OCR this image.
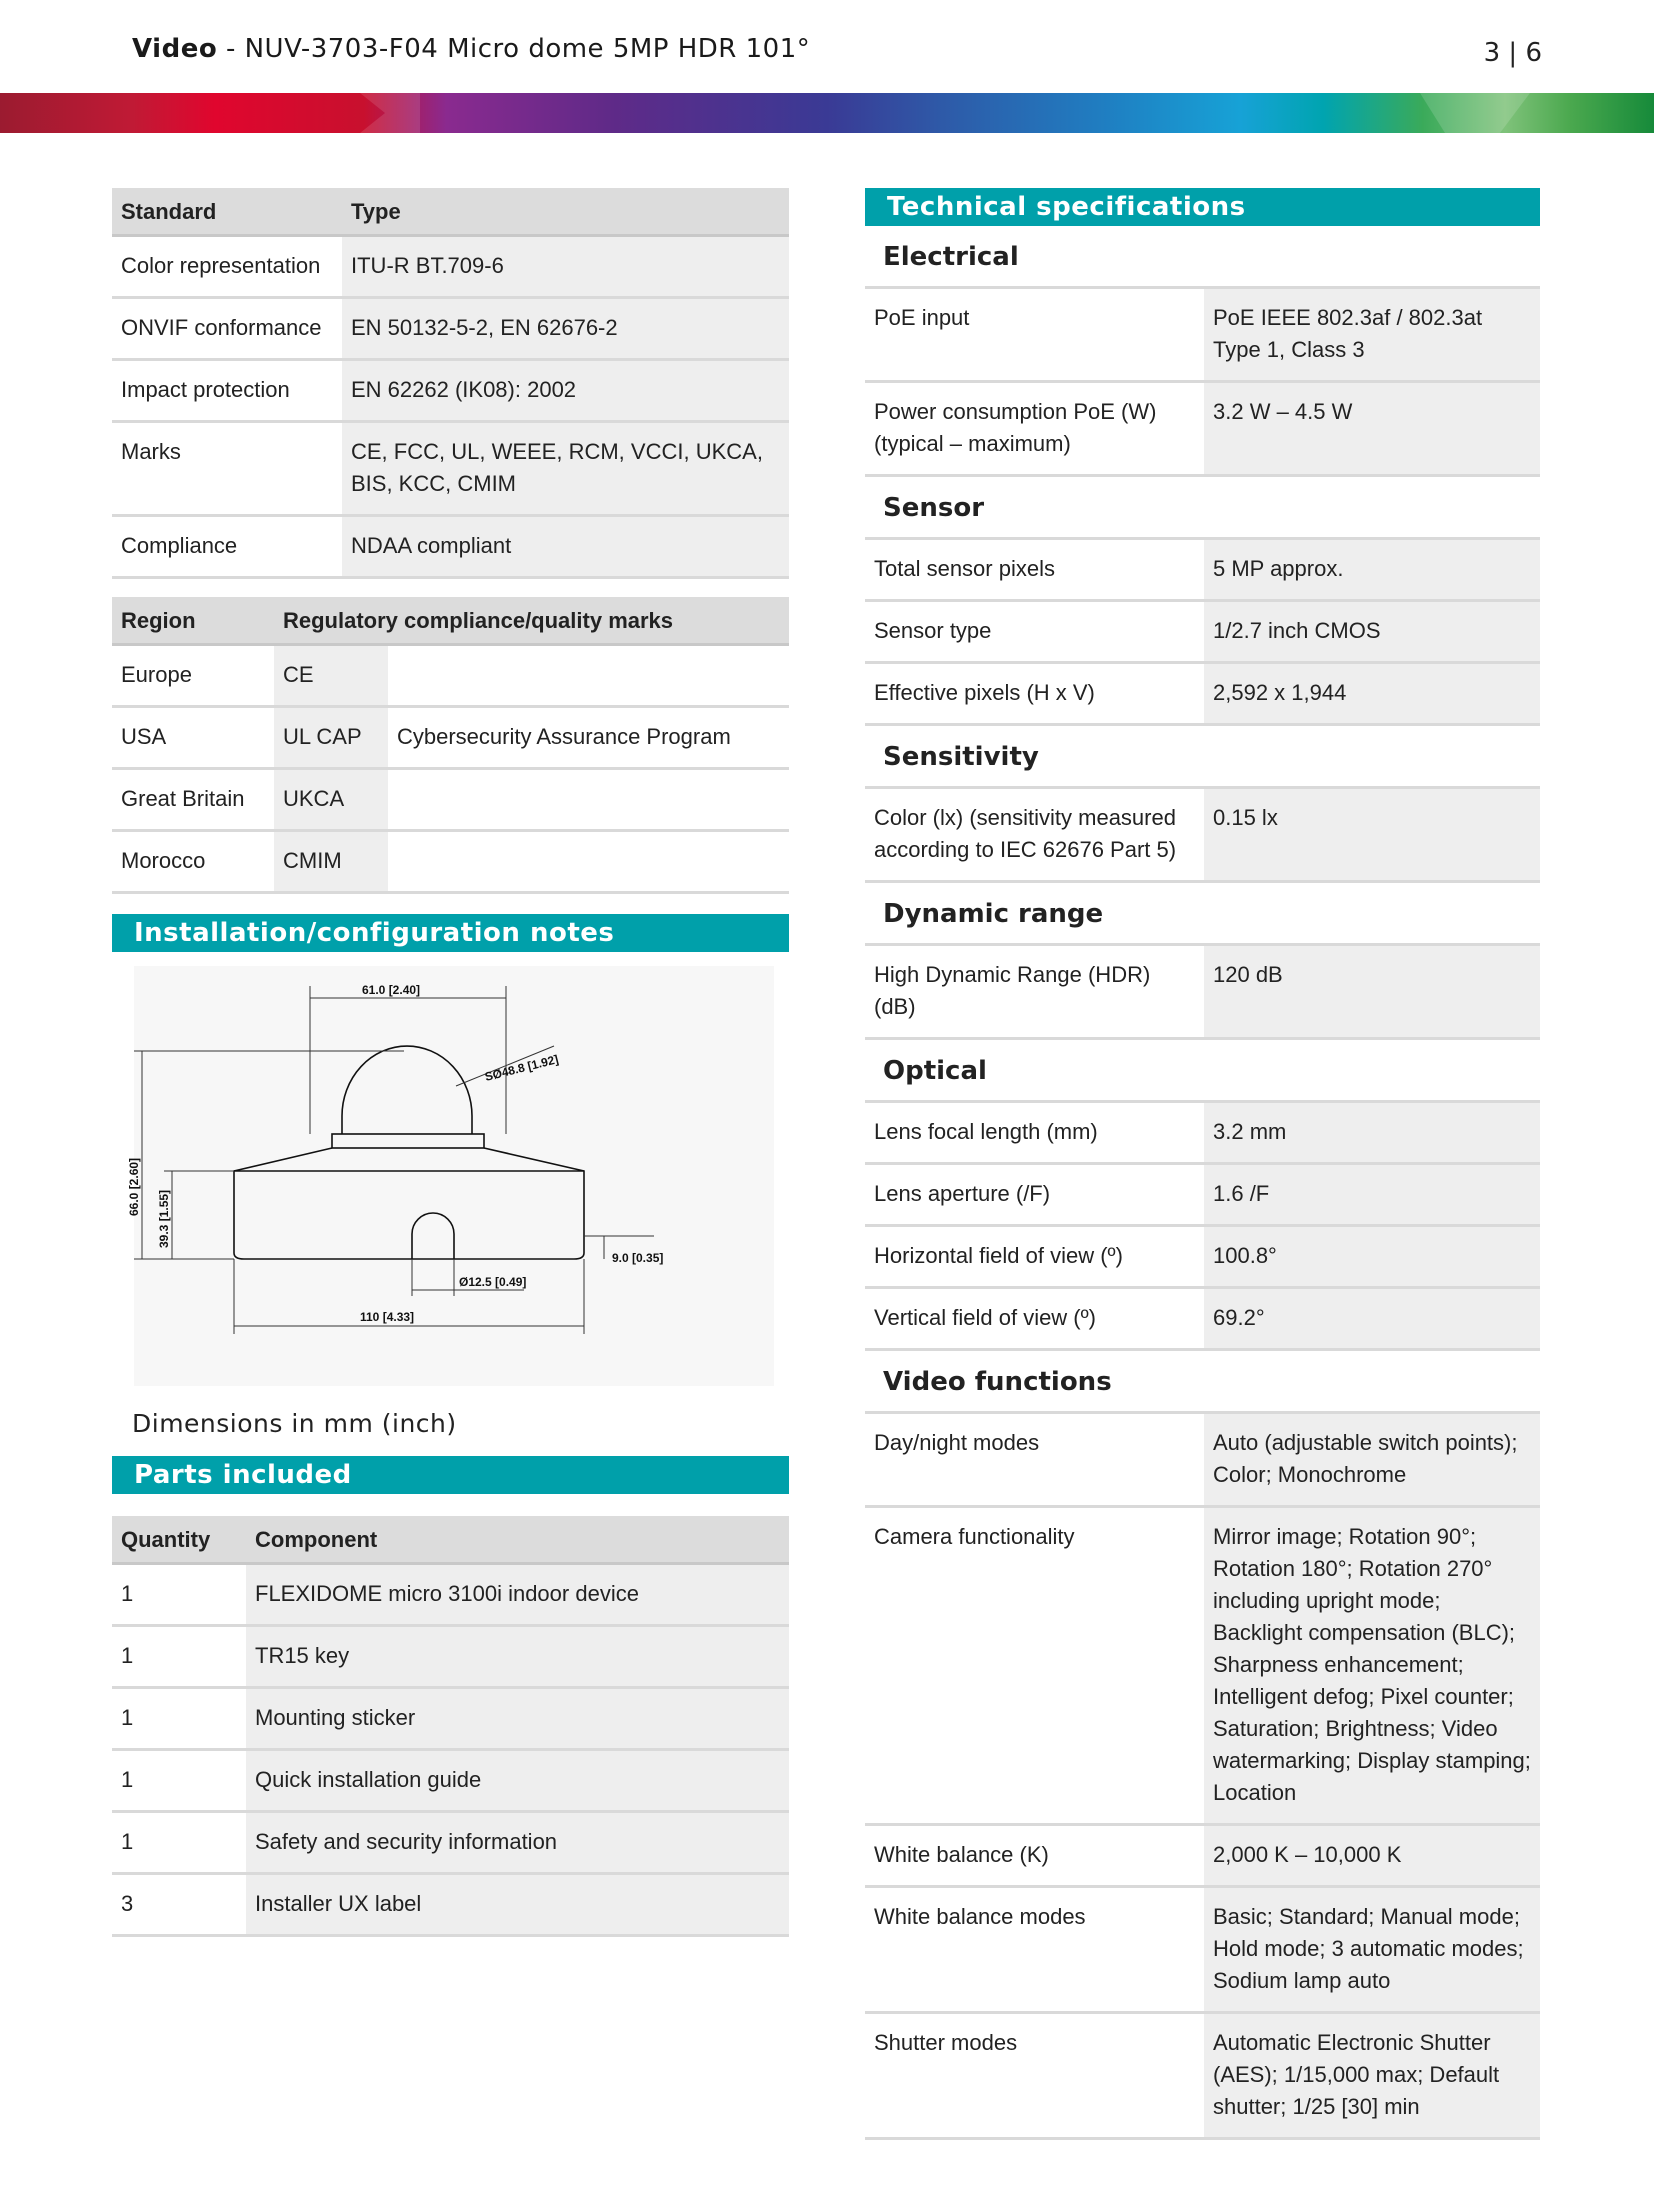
Video - NUV-3703-F04 Micro dome 5MP HDR 101°	3 | 6
Standard	Type
Color representation	ITU-R BT.709-6
ONVIF conformance	EN 50132-5-2, EN 62676-2
Impact protection	EN 62262 (IK08): 2002
Marks	CE, FCC, UL, WEEE, RCM, VCCI, UKCA, BIS, KCC, CMIM
Compliance	NDAA compliant
Region	Regulatory compliance/quality marks	
Europe	CE	
USA	UL CAP	Cybersecurity Assurance Program
Great Britain	UKCA	
Morocco	CMIM	
Installation/configuration notes
61.0 [2.40]
SØ48.8 [1.92]
66.0 [2.60]
39.3 [1.55]
9.0 [0.35]
Ø12.5 [0.49]
110 [4.33]
Dimensions in mm (inch)
Parts included
Quantity	Component
1	FLEXIDOME micro 3100i indoor device
1	TR15 key
1	Mounting sticker
1	Quick installation guide
1	Safety and security information
3	Installer UX label
Technical specifications
Electrical
PoE input	PoE IEEE 802.3af / 802.3at Type 1, Class 3
Power consumption PoE (W) (typical – maximum)	3.2 W – 4.5 W
Sensor
Total sensor pixels	5 MP approx.
Sensor type	1/2.7 inch CMOS
Effective pixels (H x V)	2,592 x 1,944
Sensitivity
Color (lx) (sensitivity measured according to IEC 62676 Part 5)	0.15 lx
Dynamic range
High Dynamic Range (HDR) (dB)	120 dB
Optical
Lens focal length (mm)	3.2 mm
Lens aperture (/F)	1.6 /F
Horizontal field of view (º)	100.8°
Vertical field of view (º)	69.2°
Video functions
Day/night modes	Auto (adjustable switch points); Color; Monochrome
Camera functionality	Mirror image; Rotation 90°; Rotation 180°; Rotation 270° including upright mode; Backlight compensation (BLC); Sharpness enhancement; Intelligent defog; Pixel counter; Saturation; Brightness; Video watermarking; Display stamping; Location
White balance (K)	2,000 K – 10,000 K
White balance modes	Basic; Standard; Manual mode; Hold mode; 3 automatic modes; Sodium lamp auto
Shutter modes	Automatic Electronic Shutter (AES); 1/15,000 max; Default shutter; 1/25 [30] min
